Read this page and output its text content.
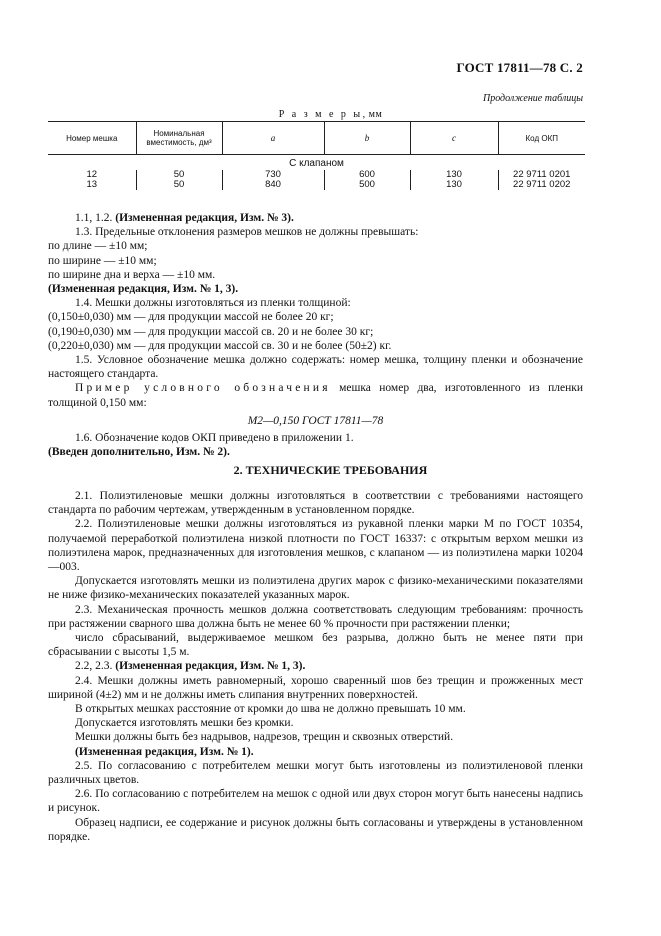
ГОСТ 17811—78 С. 2
Продолжение таблицы
Р а з м е р ы, мм
Номер мешка	Номинальная вместимость, дм³	a	b	c	Код ОКП
С клапаном					
12	50	730	600	130	22 9711 0201
13	50	840	500	130	22 9711 0202

1.1, 1.2. (Измененная редакция, Изм. № 3).

1.3. Предельные отклонения размеров мешков не должны превышать:

по длине — ±10 мм;

по ширине — ±10 мм;

по ширине дна и верха — ±10 мм.

(Измененная редакция, Изм. № 1, 3).

1.4. Мешки должны изготовляться из пленки толщиной:

(0,150±0,030) мм — для продукции массой не более 20 кг;

(0,190±0,030) мм — для продукции массой св. 20 и не более 30 кг;

(0,220±0,030) мм — для продукции массой св. 30 и не более (50±2) кг.

1.5. Условное обозначение мешка должно содержать: номер мешка, толщину пленки и обозначение настоящего стандарта.

Пример условного обозначения мешка номер два, изготовленного из пленки толщиной 0,150 мм:

М2—0,150 ГОСТ 17811—78

1.6. Обозначение кодов ОКП приведено в приложении 1.

(Введен дополнительно, Изм. № 2).

2. ТЕХНИЧЕСКИЕ ТРЕБОВАНИЯ

2.1. Полиэтиленовые мешки должны изготовляться в соответствии с требованиями настоящего стандарта по рабочим чертежам, утвержденным в установленном порядке.

2.2. Полиэтиленовые мешки должны изготовляться из рукавной пленки марки М по ГОСТ 10354, получаемой переработкой полиэтилена низкой плотности по ГОСТ 16337: с открытым верхом мешки из полиэтилена марок, предназначенных для изготовления мешков, с клапаном — из полиэтилена марки 10204—003.

Допускается изготовлять мешки из полиэтилена других марок с физико-механическими показателями не ниже физико-механических показателей указанных марок.

2.3. Механическая прочность мешков должна соответствовать следующим требованиям: прочность при растяжении сварного шва должна быть не менее 60 % прочности при растяжении пленки;

число сбрасываний, выдерживаемое мешком без разрыва, должно быть не менее пяти при сбрасывании с высоты 1,5 м.

2.2, 2.3. (Измененная редакция, Изм. № 1, 3).

2.4. Мешки должны иметь равномерный, хорошо сваренный шов без трещин и прожженных мест шириной (4±2) мм и не должны иметь слипания внутренних поверхностей.

В открытых мешках расстояние от кромки до шва не должно превышать 10 мм.

Допускается изготовлять мешки без кромки.

Мешки должны быть без надрывов, надрезов, трещин и сквозных отверстий.

(Измененная редакция, Изм. № 1).

2.5. По согласованию с потребителем мешки могут быть изготовлены из полиэтиленовой пленки различных цветов.

2.6. По согласованию с потребителем на мешок с одной или двух сторон могут быть нанесены надпись и рисунок.

Образец надписи, ее содержание и рисунок должны быть согласованы и утверждены в установленном порядке.
